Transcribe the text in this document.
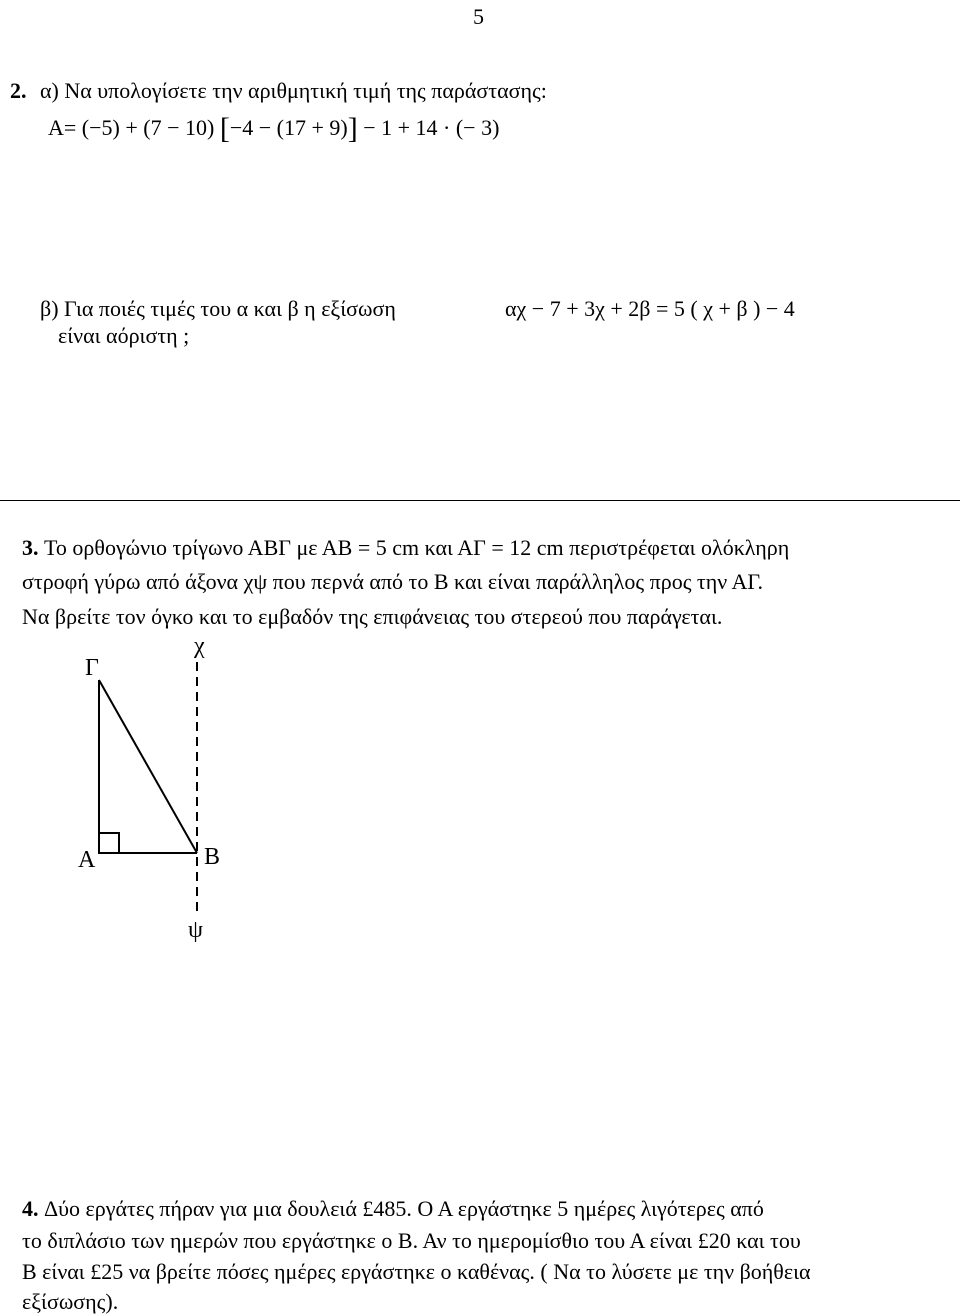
5
2. α) Να υπολογίσετε την αριθμητική τιμή της παράστασης:
A= (−5) + (7 − 10) [−4 − (17 + 9)] − 1 + 14 · (− 3)
β) Για ποιές τιμές του α και β η εξίσωση	αχ − 7 + 3χ + 2β = 5 ( χ + β ) − 4
είναι αόριστη ;
3. Το ορθογώνιο τρίγωνο ΑΒΓ με ΑΒ = 5 cm και ΑΓ = 12 cm περιστρέφεται ολόκληρη
στροφή γύρω από άξονα χψ που περνά από το Β και είναι παράλληλος προς την ΑΓ.
Να βρείτε τον όγκο και το εμβαδόν της επιφάνειας του στερεού που παράγεται.
Γ
χ
Α	Β
ψ
4. Δύο εργάτες πήραν για μια δουλειά £485. Ο Α εργάστηκε 5 ημέρες λιγότερες από
το διπλάσιο των ημερών που εργάστηκε ο Β. Αν το ημερομίσθιο του Α είναι £20 και του
Β είναι £25 να βρείτε πόσες ημέρες εργάστηκε ο καθένας. ( Να το λύσετε με την βοήθεια
εξίσωσης).
